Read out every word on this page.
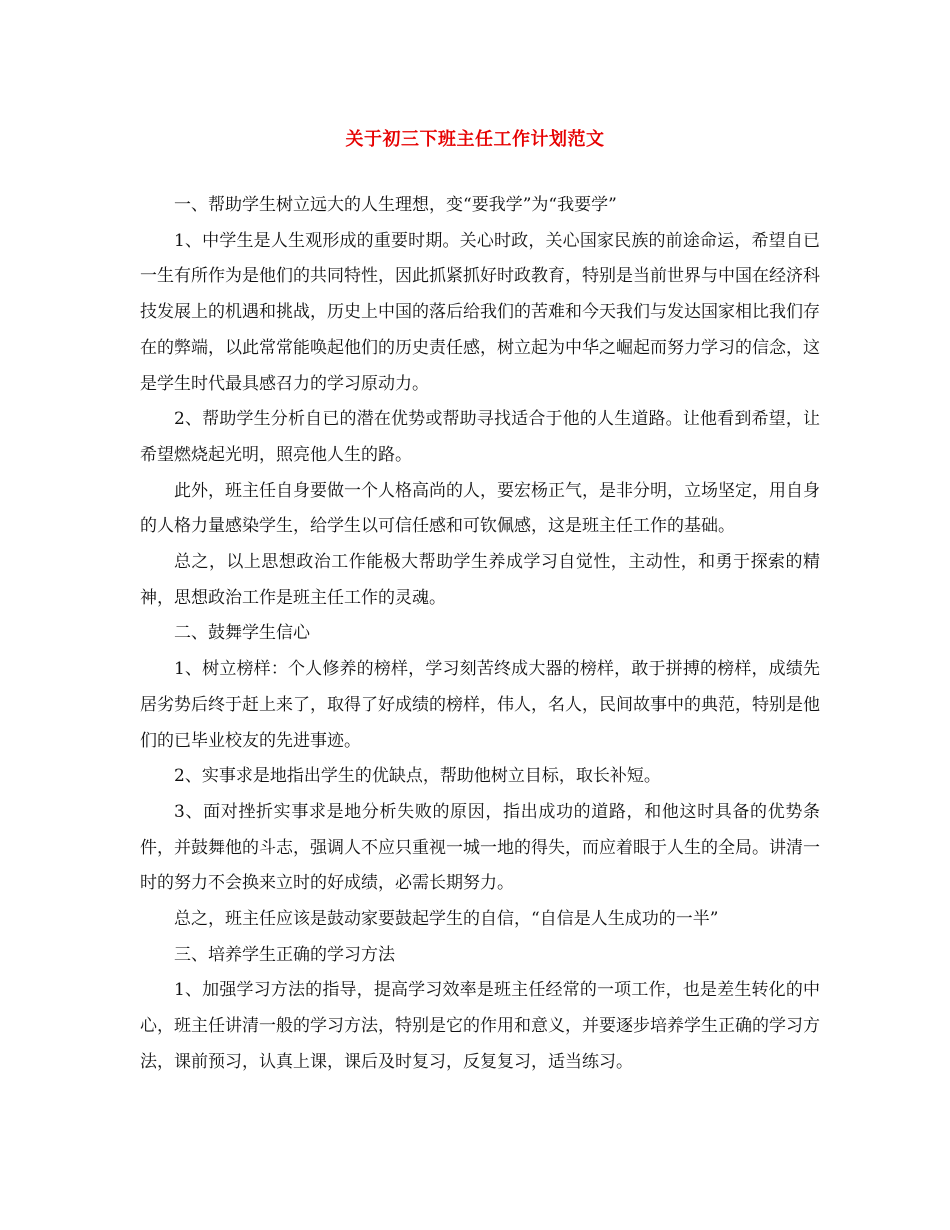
关于初三下班主任工作计划范文

一、帮助学生树立远大的人生理想，变“要我学”为“我要学”

1、中学生是人生观形成的重要时期。关心时政，关心国家民族的前途命运，希望自已一生有所作为是他们的共同特性，因此抓紧抓好时政教育，特别是当前世界与中国在经济科技发展上的机遇和挑战，历史上中国的落后给我们的苦难和今天我们与发达国家相比我们存在的弊端，以此常常能唤起他们的历史责任感，树立起为中华之崛起而努力学习的信念，这是学生时代最具感召力的学习原动力。

2、帮助学生分析自已的潜在优势或帮助寻找适合于他的人生道路。让他看到希望，让希望燃烧起光明，照亮他人生的路。

此外，班主任自身要做一个人格高尚的人，要宏杨正气，是非分明，立场坚定，用自身的人格力量感染学生，给学生以可信任感和可钦佩感，这是班主任工作的基础。

总之，以上思想政治工作能极大帮助学生养成学习自觉性，主动性，和勇于探索的精神，思想政治工作是班主任工作的灵魂。

二、鼓舞学生信心

1、树立榜样：个人修养的榜样，学习刻苦终成大器的榜样，敢于拼搏的榜样，成绩先居劣势后终于赶上来了，取得了好成绩的榜样，伟人，名人，民间故事中的典范，特别是他们的已毕业校友的先进事迹。

2、实事求是地指出学生的优缺点，帮助他树立目标，取长补短。

3、面对挫折实事求是地分析失败的原因，指出成功的道路，和他这时具备的优势条件，并鼓舞他的斗志，强调人不应只重视一城一地的得失，而应着眼于人生的全局。讲清一时的努力不会换来立时的好成绩，必需长期努力。

总之，班主任应该是鼓动家要鼓起学生的自信，“自信是人生成功的一半”

三、培养学生正确的学习方法

1、加强学习方法的指导，提高学习效率是班主任经常的一项工作，也是差生转化的中心，班主任讲清一般的学习方法，特别是它的作用和意义，并要逐步培养学生正确的学习方法，课前预习，认真上课，课后及时复习，反复复习，适当练习。
